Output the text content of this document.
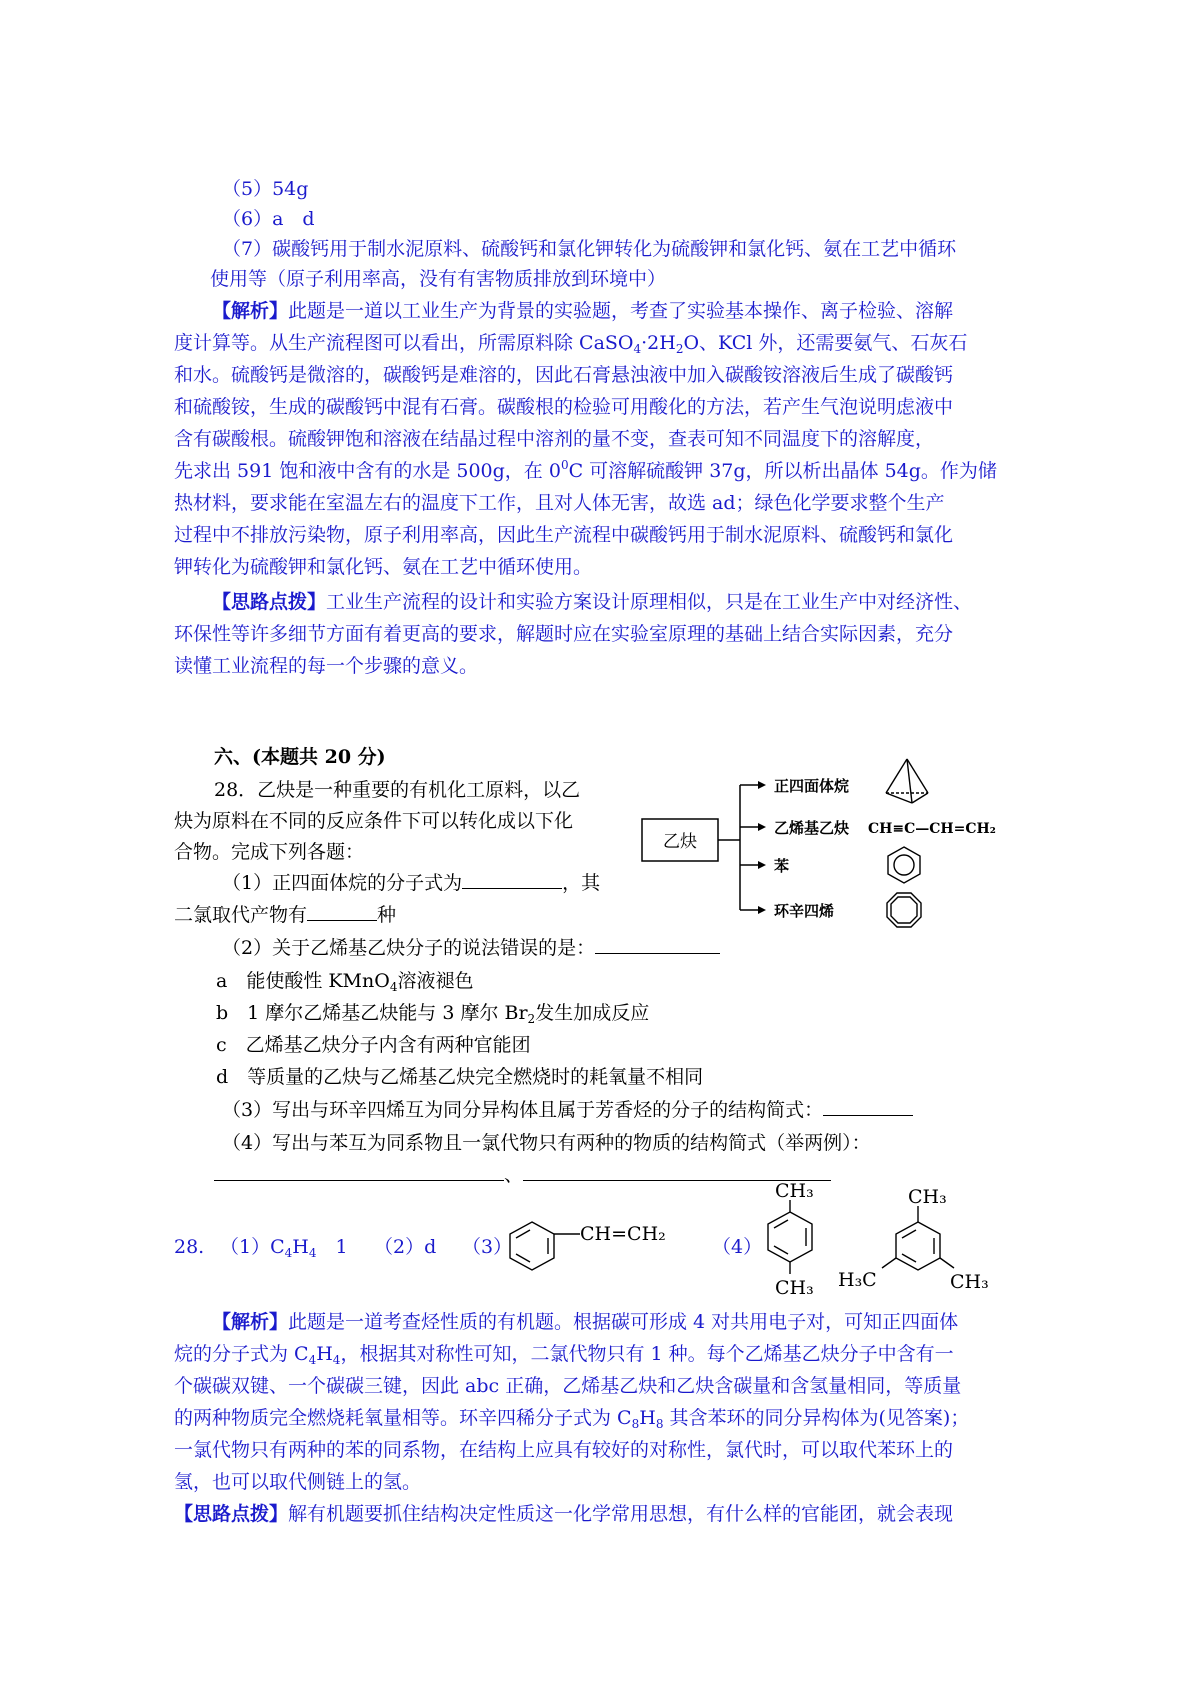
（5）54g
（6）a　d
（7）碳酸钙用于制水泥原料、硫酸钙和氯化钾转化为硫酸钾和氯化钙、氨在工艺中循环
使用等（原子利用率高，没有有害物质排放到环境中）
【解析】此题是一道以工业生产为背景的实验题，考查了实验基本操作、离子检验、溶解
度计算等。从生产流程图可以看出，所需原料除 $CaSO_4\cdot 2H_2O$、KCl 外，还需要氨气、石灰石
和水。硫酸钙是微溶的，碳酸钙是难溶的，因此石膏悬浊液中加入碳酸铵溶液后生成了碳酸钙
和硫酸铵，生成的碳酸钙中混有石膏。碳酸根的检验可用酸化的方法，若产生气泡说明虑液中
含有碳酸根。硫酸钾饱和溶液在结晶过程中溶剂的量不变，查表可知不同温度下的溶解度，
先求出 591 饱和液中含有的水是 500g，在 $0^0C$ 可溶解硫酸钾 37g，所以析出晶体 54g。作为储
热材料，要求能在室温左右的温度下工作，且对人体无害，故选 ad；绿色化学要求整个生产
过程中不排放污染物，原子利用率高，因此生产流程中碳酸钙用于制水泥原料、硫酸钙和氯化
钾转化为硫酸钾和氯化钙、氨在工艺中循环使用。
【思路点拨】工业生产流程的设计和实验方案设计原理相似，只是在工业生产中对经济性、
环保性等许多细节方面有着更高的要求，解题时应在实验室原理的基础上结合实际因素，充分
读懂工业流程的每一个步骤的意义。
六、(本题共 20 分)
28．乙炔是一种重要的有机化工原料，以乙
炔为原料在不同的反应条件下可以转化成以下化
合物。完成下列各题：
（1）正四面体烷的分子式为	，其
二氯取代产物有	种
（2）关于乙烯基乙炔分子的说法错误的是：
a　能使酸性 KMnO$_4$溶液褪色
b　1 摩尔乙烯基乙炔能与 3 摩尔 $Br_2$发生加成反应
c　乙烯基乙炔分子内含有两种官能团
d　等质量的乙炔与乙烯基乙炔完全燃烧时的耗氧量不相同
（3）写出与环辛四烯互为同分异构体且属于芳香烃的分子的结构简式：
（4）写出与苯互为同系物且一氯代物只有两种的物质的结构简式（举两例）：
、
乙炔
正四面体烷
乙烯基乙炔
苯
环辛四烯
CH≡C—CH=CH₂
28. $(1)C_4H_4$　1 （2）d （3）
CH=CH₂
（4）
CH₃
CH₃
CH₃
H₃C	CH₃
【解析】此题是一道考查烃性质的有机题。根据碳可形成 4 对共用电子对，可知正四面体
烷的分子式为 $C_4H_4$，根据其对称性可知，二氯代物只有 1 种。每个乙烯基乙炔分子中含有一
个碳碳双键、一个碳碳三键，因此 abc 正确，乙烯基乙炔和乙炔含碳量和含氢量相同，等质量
的两种物质完全燃烧耗氧量相等。环辛四稀分子式为 $C_8H_8$ 其含苯环的同分异构体为(见答案)；
一氯代物只有两种的苯的同系物，在结构上应具有较好的对称性，氯代时，可以取代苯环上的
氢，也可以取代侧链上的氢。
【思路点拨】解有机题要抓住结构决定性质这一化学常用思想，有什么样的官能团，就会表现
